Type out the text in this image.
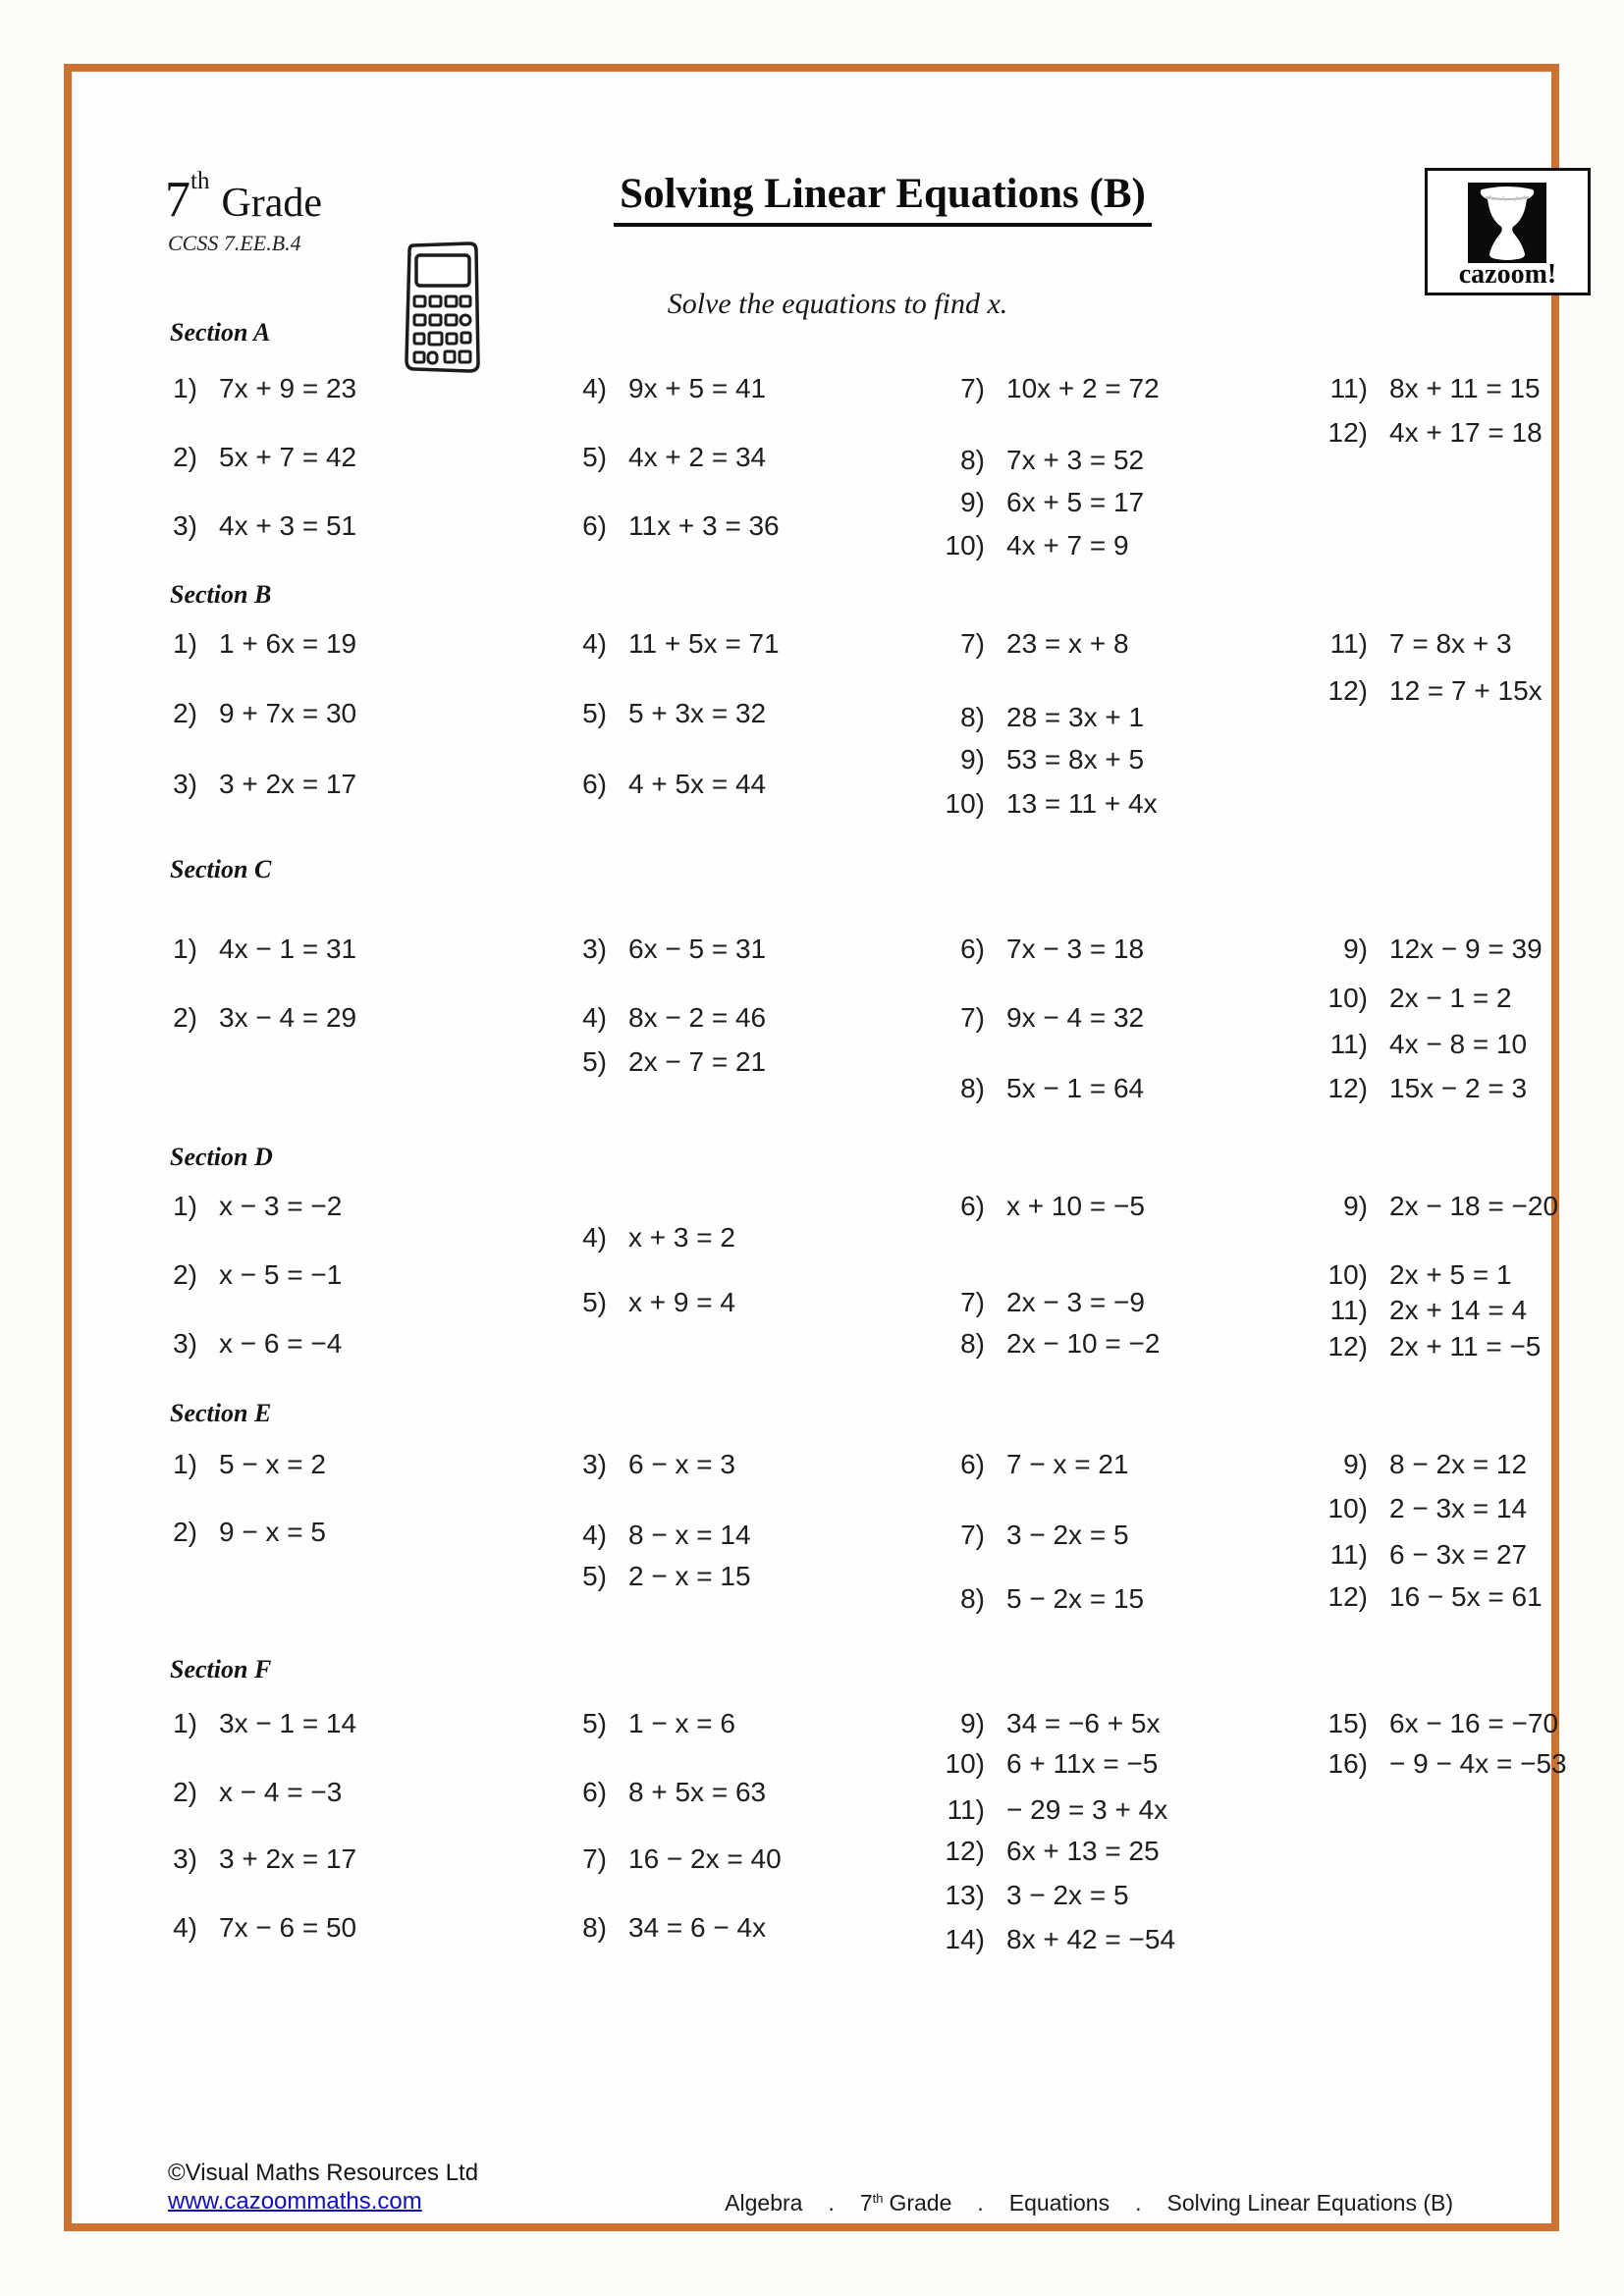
7th Grade
CCSS 7.EE.B.4
Solving Linear Equations (B)
Solve the equations to find x.
cazoom!
Section A
Section B
Section C
Section D
Section E
Section F
1) 7x + 9 = 23
2) 5x + 7 = 42
3) 4x + 3 = 51
4) 9x + 5 = 41
5) 4x + 2 = 34
6) 11x + 3 = 36
7) 10x + 2 = 72
8) 7x + 3 = 52
9) 6x + 5 = 17
10) 4x + 7 = 9
11) 8x + 11 = 15
12) 4x + 17 = 18
1) 1 + 6x = 19
2) 9 + 7x = 30
3) 3 + 2x = 17
4) 11 + 5x = 71
5) 5 + 3x = 32
6) 4 + 5x = 44
7) 23 = x + 8
8) 28 = 3x + 1
9) 53 = 8x + 5
10) 13 = 11 + 4x
11) 7 = 8x + 3
12) 12 = 7 + 15x
1) 4x − 1 = 31
2) 3x − 4 = 29
3) 6x − 5 = 31
4) 8x − 2 = 46
5) 2x − 7 = 21
6) 7x − 3 = 18
7) 9x − 4 = 32
8) 5x − 1 = 64
9) 12x − 9 = 39
10) 2x − 1 = 2
11) 4x − 8 = 10
12) 15x − 2 = 3
1) x − 3 = −2
2) x − 5 = −1
3) x − 6 = −4
4) x + 3 = 2
5) x + 9 = 4
6) x + 10 = −5
7) 2x − 3 = −9
8) 2x − 10 = −2
9) 2x − 18 = −20
10) 2x + 5 = 1
11) 2x + 14 = 4
12) 2x + 11 = −5
1) 5 − x = 2
2) 9 − x = 5
3) 6 − x = 3
4) 8 − x = 14
5) 2 − x = 15
6) 7 − x = 21
7) 3 − 2x = 5
8) 5 − 2x = 15
9) 8 − 2x = 12
10) 2 − 3x = 14
11) 6 − 3x = 27
12) 16 − 5x = 61
1) 3x − 1 = 14
2) x − 4 = −3
3) 3 + 2x = 17
4) 7x − 6 = 50
5) 1 − x = 6
6) 8 + 5x = 63
7) 16 − 2x = 40
8) 34 = 6 − 4x
9) 34 = −6 + 5x
10) 6 + 11x = −5
11) − 29 = 3 + 4x
12) 6x + 13 = 25
13) 3 − 2x = 5
14) 8x + 42 = −54
15) 6x − 16 = −70
16) − 9 − 4x = −53
©Visual Maths Resources Ltd
www.cazoommaths.com	Algebra . 7th Grade . Equations . Solving Linear Equations (B)
